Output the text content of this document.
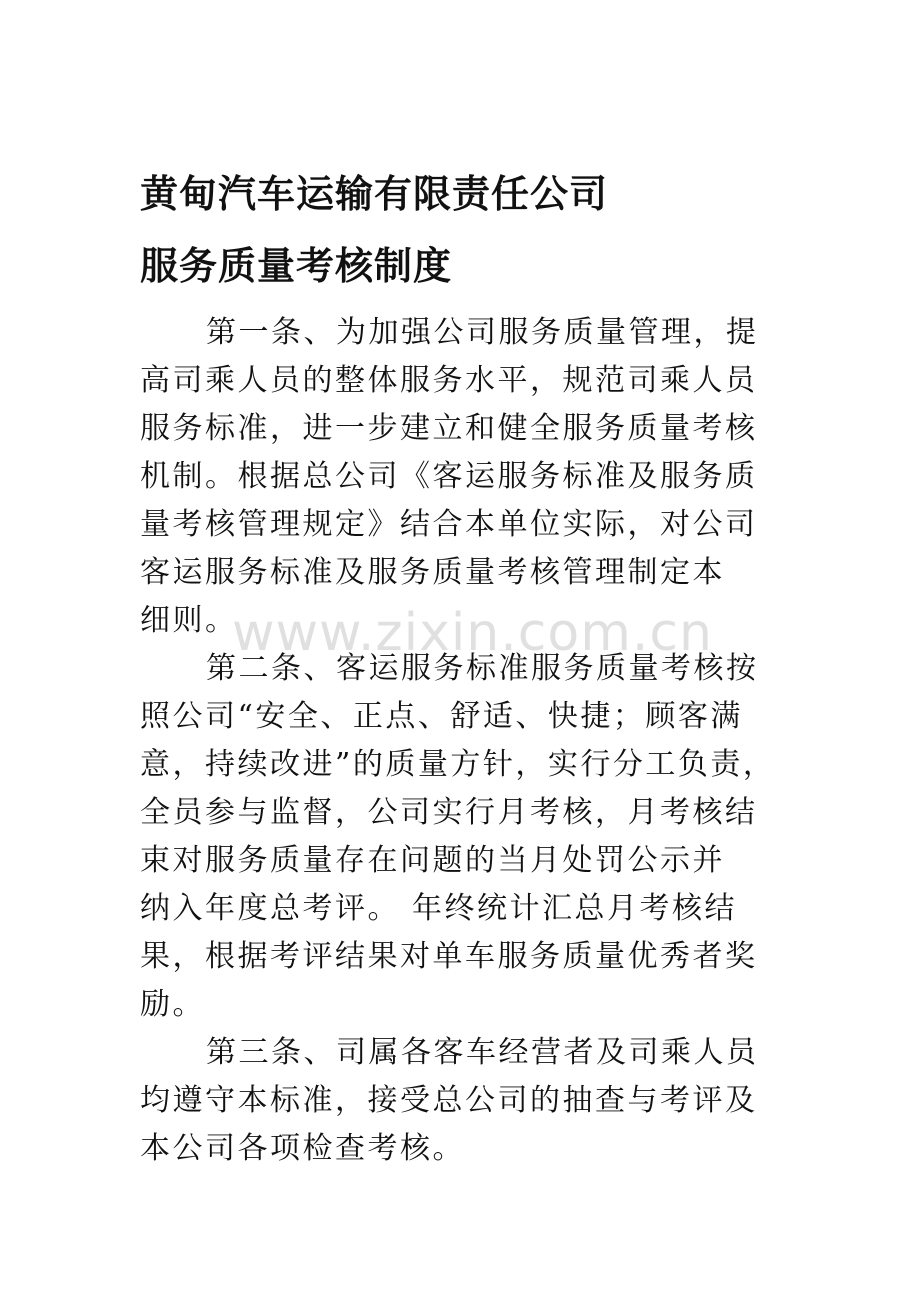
黄甸汽车运输有限责任公司
服务质量考核制度
第一条、为加强公司服务质量管理，提
高司乘人员的整体服务水平，规范司乘人员
服务标准，进一步建立和健全服务质量考核
机制。根据总公司《客运服务标准及服务质
量考核管理规定》结合本单位实际，对公司
客运服务标准及服务质量考核管理制定本
细则。
第二条、客运服务标准服务质量考核按
照公司“安全、正点、舒适、快捷；顾客满
意，持续改进”的质量方针，实行分工负责，
全员参与监督，公司实行月考核，月考核结
束对服务质量存在问题的当月处罚公示并
纳入年度总考评。 年终统计汇总月考核结
果，根据考评结果对单车服务质量优秀者奖
励。
第三条、司属各客车经营者及司乘人员
均遵守本标准，接受总公司的抽查与考评及
本公司各项检查考核。
www.zixin.com.cn
